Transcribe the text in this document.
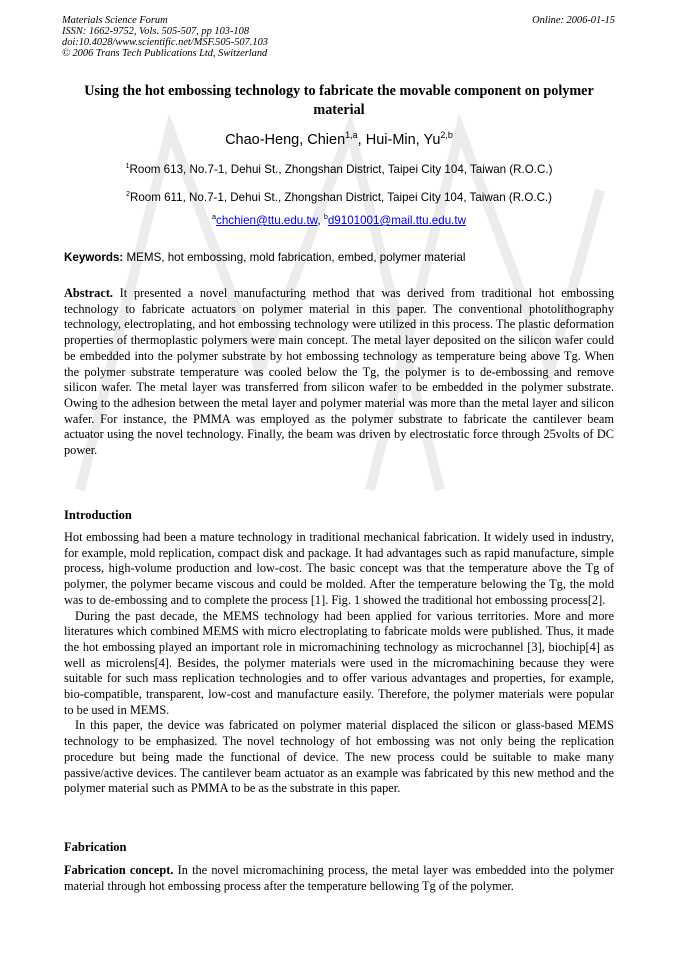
Materials Science Forum
ISSN: 1662-9752, Vols. 505-507, pp 103-108
doi:10.4028/www.scientific.net/MSF.505-507.103
© 2006 Trans Tech Publications Ltd, Switzerland
Online: 2006-01-15
Using the hot embossing technology to fabricate the movable component on polymer material
Chao-Heng, Chien$^{1,a}$, Hui-Min, Yu$^{2,b}$
$^1$Room 613, No.7-1, Dehui St., Zhongshan District, Taipei City 104, Taiwan (R.O.C.)
$^2$Room 611, No.7-1, Dehui St., Zhongshan District, Taipei City 104, Taiwan (R.O.C.)
$^a$chchien@ttu.edu.tw, $^b$d9101001@mail.ttu.edu.tw
Keywords: MEMS, hot embossing, mold fabrication, embed, polymer material

Abstract. It presented a novel manufacturing method that was derived from traditional hot embossing technology to fabricate actuators on polymer material in this paper. The conventional photolithography technology, electroplating, and hot embossing technology were utilized in this process. The plastic deformation properties of thermoplastic polymers were main concept. The metal layer deposited on the silicon wafer could be embedded into the polymer substrate by hot embossing technology as temperature being above Tg. When the polymer substrate temperature was cooled below the Tg, the polymer is to de-embossing and remove silicon wafer. The metal layer was transferred from silicon wafer to be embedded in the polymer substrate. Owing to the adhesion between the metal layer and polymer material was more than the metal layer and silicon wafer. For instance, the PMMA was employed as the polymer substrate to fabricate the cantilever beam actuator using the novel technology. Finally, the beam was driven by electrostatic force through 25volts of DC power.

Introduction

Hot embossing had been a mature technology in traditional mechanical fabrication. It widely used in industry, for example, mold replication, compact disk and package. It had advantages such as rapid manufacture, simple process, high-volume production and low-cost. The basic concept was that the temperature above the Tg of polymer, the polymer became viscous and could be molded. After the temperature belowing the Tg, the mold was to de-embossing and to complete the process [1]. Fig. 1 showed the traditional hot embossing process[2].

During the past decade, the MEMS technology had been applied for various territories. More and more literatures which combined MEMS with micro electroplating to fabricate molds were published. Thus, it made the hot embossing played an important role in micromachining technology as microchannel [3], biochip[4] as well as microlens[4]. Besides, the polymer materials were used in the micromachining because they were suitable for such mass replication technologies and to offer various advantages and properties, for example, bio-compatible, transparent, low-cost and manufacture easily. Therefore, the polymer materials were popular to be used in MEMS.

In this paper, the device was fabricated on polymer material displaced the silicon or glass-based MEMS technology to be emphasized. The novel technology of hot embossing was not only being the replication procedure but being made the functional of device. The new process could be suitable to make many passive/active devices. The cantilever beam actuator as an example was fabricated by this new method and the polymer material such as PMMA to be as the substrate in this paper.

Fabrication

Fabrication concept. In the novel micromachining process, the metal layer was embedded into the polymer material through hot embossing process after the temperature bellowing Tg of the polymer.
